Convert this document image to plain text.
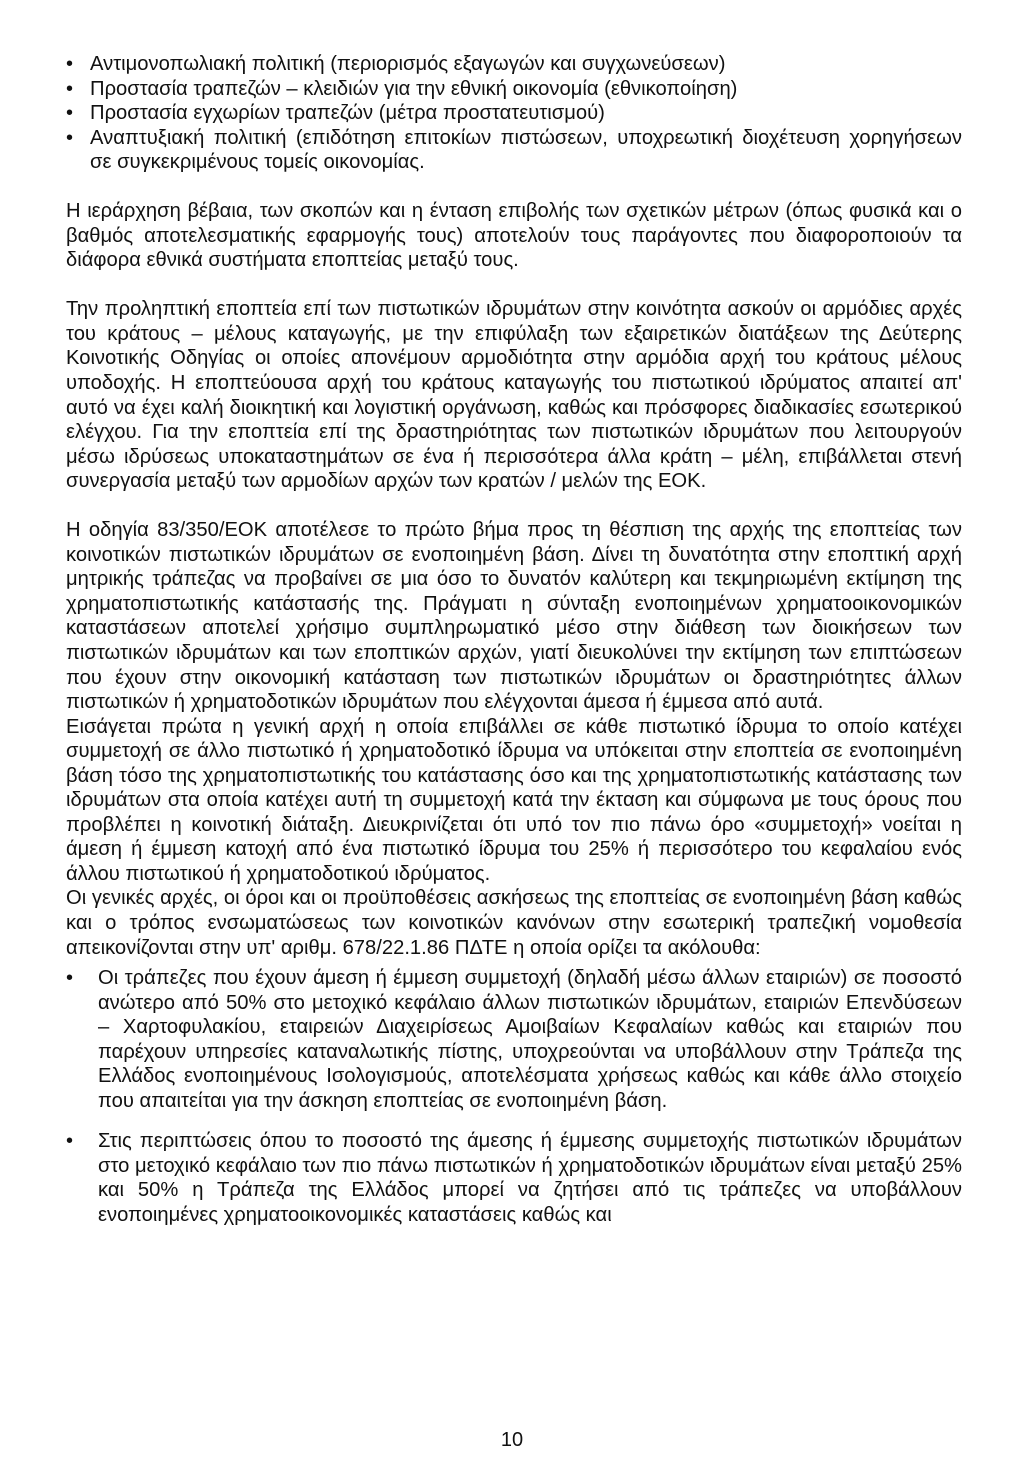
• Αντιμονοπωλιακή πολιτική (περιορισμός εξαγωγών και συγχωνεύσεων)
• Προστασία τραπεζών – κλειδιών για την εθνική οικονομία (εθνικοποίηση)
• Προστασία εγχωρίων τραπεζών (μέτρα προστατευτισμού)
• Αναπτυξιακή πολιτική (επιδότηση επιτοκίων πιστώσεων, υποχρεωτική διοχέτευση χορηγήσεων σε συγκεκριμένους τομείς οικονομίας.

Η ιεράρχηση βέβαια, των σκοπών και η ένταση επιβολής των σχετικών μέτρων (όπως φυσικά και ο βαθμός αποτελεσματικής εφαρμογής τους) αποτελούν τους παράγοντες που διαφοροποιούν τα διάφορα εθνικά συστήματα εποπτείας μεταξύ τους.

Την προληπτική εποπτεία επί των πιστωτικών ιδρυμάτων στην κοινότητα ασκούν οι αρμόδιες αρχές του κράτους – μέλους καταγωγής, με την επιφύλαξη των εξαιρετικών διατάξεων της Δεύτερης Κοινοτικής Οδηγίας οι οποίες απονέμουν αρμοδιότητα στην αρμόδια αρχή του κράτους μέλους υποδοχής. Η εποπτεύουσα αρχή του κράτους καταγωγής του πιστωτικού ιδρύματος απαιτεί απ' αυτό να έχει καλή διοικητική και λογιστική οργάνωση, καθώς και πρόσφορες διαδικασίες εσωτερικού ελέγχου. Για την εποπτεία επί της δραστηριότητας των πιστωτικών ιδρυμάτων που λειτουργούν μέσω ιδρύσεως υποκαταστημάτων σε ένα ή περισσότερα άλλα κράτη – μέλη, επιβάλλεται στενή συνεργασία μεταξύ των αρμοδίων αρχών των κρατών / μελών της ΕΟΚ.

Η οδηγία 83/350/ΕΟΚ αποτέλεσε το πρώτο βήμα προς τη θέσπιση της αρχής της εποπτείας των κοινοτικών πιστωτικών ιδρυμάτων σε ενοποιημένη βάση. Δίνει τη δυνατότητα στην εποπτική αρχή μητρικής τράπεζας να προβαίνει σε μια όσο το δυνατόν καλύτερη και τεκμηριωμένη εκτίμηση της χρηματοπιστωτικής κατάστασής της. Πράγματι η σύνταξη ενοποιημένων χρηματοοικονομικών καταστάσεων αποτελεί χρήσιμο συμπληρωματικό μέσο στην διάθεση των διοικήσεων των πιστωτικών ιδρυμάτων και των εποπτικών αρχών, γιατί διευκολύνει την εκτίμηση των επιπτώσεων που έχουν στην οικονομική κατάσταση των πιστωτικών ιδρυμάτων οι δραστηριότητες άλλων πιστωτικών ή χρηματοδοτικών ιδρυμάτων που ελέγχονται άμεσα ή έμμεσα από αυτά.

Εισάγεται πρώτα η γενική αρχή η οποία επιβάλλει σε κάθε πιστωτικό ίδρυμα το οποίο κατέχει συμμετοχή σε άλλο πιστωτικό ή χρηματοδοτικό ίδρυμα να υπόκειται στην εποπτεία σε ενοποιημένη βάση τόσο της χρηματοπιστωτικής του κατάστασης όσο και της χρηματοπιστωτικής κατάστασης των ιδρυμάτων στα οποία κατέχει αυτή τη συμμετοχή κατά την έκταση και σύμφωνα με τους όρους που προβλέπει η κοινοτική διάταξη. Διευκρινίζεται ότι υπό τον πιο πάνω όρο «συμμετοχή» νοείται η άμεση ή έμμεση κατοχή από ένα πιστωτικό ίδρυμα του 25% ή περισσότερο του κεφαλαίου ενός άλλου πιστωτικού ή χρηματοδοτικού ιδρύματος.

Οι γενικές αρχές, οι όροι και οι προϋποθέσεις ασκήσεως της εποπτείας σε ενοποιημένη βάση καθώς και ο τρόπος ενσωματώσεως των κοινοτικών κανόνων στην εσωτερική τραπεζική νομοθεσία απεικονίζονται στην υπ' αριθμ. 678/22.1.86 ΠΔΤΕ η οποία ορίζει τα ακόλουθα:

• Οι τράπεζες που έχουν άμεση ή έμμεση συμμετοχή (δηλαδή μέσω άλλων εταιριών) σε ποσοστό ανώτερο από 50% στο μετοχικό κεφάλαιο άλλων πιστωτικών ιδρυμάτων, εταιριών Επενδύσεων – Χαρτοφυλακίου, εταιρειών Διαχειρίσεως Αμοιβαίων Κεφαλαίων καθώς και εταιριών που παρέχουν υπηρεσίες καταναλωτικής πίστης, υποχρεούνται να υποβάλλουν στην Τράπεζα της Ελλάδος ενοποιημένους Ισολογισμούς, αποτελέσματα χρήσεως καθώς και κάθε άλλο στοιχείο που απαιτείται για την άσκηση εποπτείας σε ενοποιημένη βάση.
• Στις περιπτώσεις όπου το ποσοστό της άμεσης ή έμμεσης συμμετοχής πιστωτικών ιδρυμάτων στο μετοχικό κεφάλαιο των πιο πάνω πιστωτικών ή χρηματοδοτικών ιδρυμάτων είναι μεταξύ 25% και 50% η Τράπεζα της Ελλάδος μπορεί να ζητήσει από τις τράπεζες να υποβάλλουν ενοποιημένες χρηματοοικονομικές καταστάσεις καθώς και
10
